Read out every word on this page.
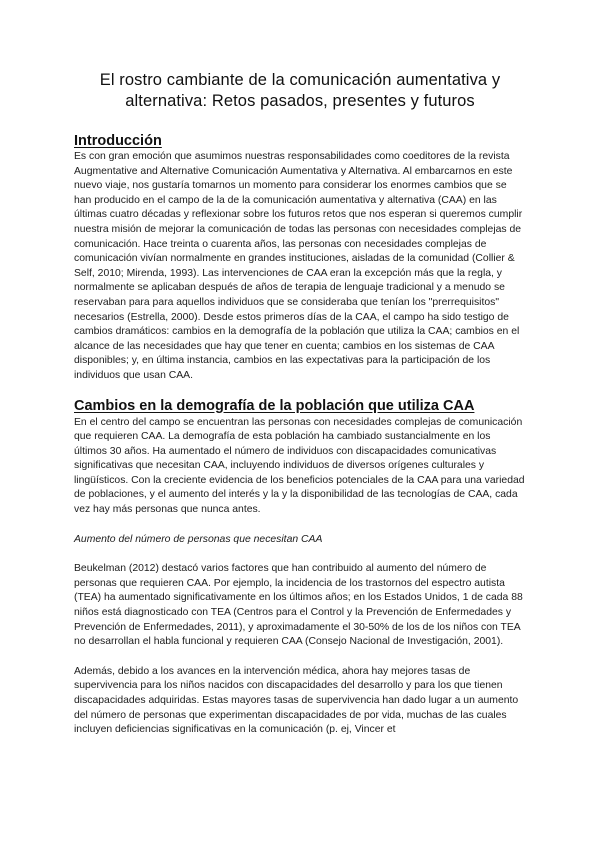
El rostro cambiante de la comunicación aumentativa y
alternativa: Retos pasados, presentes y futuros
Introducción

Es con gran emoción que asumimos nuestras responsabilidades como coeditores de la revista Augmentative and Alternative Comunicación Aumentativa y Alternativa. Al embarcarnos en este nuevo viaje, nos gustaría tomarnos un momento para considerar los enormes cambios que se han producido en el campo de la de la comunicación aumentativa y alternativa (CAA) en las últimas cuatro décadas y reflexionar sobre los futuros retos que nos esperan si queremos cumplir nuestra misión de mejorar la comunicación de todas las personas con necesidades complejas de comunicación. Hace treinta o cuarenta años, las personas con necesidades complejas de comunicación vivían normalmente en grandes instituciones, aisladas de la comunidad (Collier & Self, 2010; Mirenda, 1993). Las intervenciones de CAA eran la excepción más que la regla, y normalmente se aplicaban después de años de terapia de lenguaje tradicional y a menudo se reservaban para para aquellos individuos que se consideraba que tenían los "prerrequisitos" necesarios (Estrella, 2000). Desde estos primeros días de la CAA, el campo ha sido testigo de cambios dramáticos: cambios en la demografía de la población que utiliza la CAA; cambios en el alcance de las necesidades que hay que tener en cuenta; cambios en los sistemas de CAA disponibles; y, en última instancia, cambios en las expectativas para la participación de los individuos que usan CAA.

Cambios en la demografía de la población que utiliza CAA

En el centro del campo se encuentran las personas con necesidades complejas de comunicación que requieren CAA. La demografía de esta población ha cambiado sustancialmente en los últimos 30 años. Ha aumentado el número de individuos con discapacidades comunicativas significativas que necesitan CAA, incluyendo individuos de diversos orígenes culturales y lingüísticos. Con la creciente evidencia de los beneficios potenciales de la CAA para una variedad de poblaciones, y el aumento del interés y la y la disponibilidad de las tecnologías de CAA, cada vez hay más personas que nunca antes.

Aumento del número de personas que necesitan CAA

Beukelman (2012) destacó varios factores que han contribuido al aumento del número de personas que requieren CAA. Por ejemplo, la incidencia de los trastornos del espectro autista (TEA) ha aumentado significativamente en los últimos años; en los Estados Unidos, 1 de cada 88 niños está diagnosticado con TEA (Centros para el Control y la Prevención de Enfermedades y Prevención de Enfermedades, 2011), y aproximadamente el 30-50% de los de los niños con TEA no desarrollan el habla funcional y requieren CAA (Consejo Nacional de Investigación, 2001).

Además, debido a los avances en la intervención médica, ahora hay mejores tasas de supervivencia para los niños nacidos con discapacidades del desarrollo y para los que tienen discapacidades adquiridas. Estas mayores tasas de supervivencia han dado lugar a un aumento del número de personas que experimentan discapacidades de por vida, muchas de las cuales incluyen deficiencias significativas en la comunicación (p. ej, Vincer et
